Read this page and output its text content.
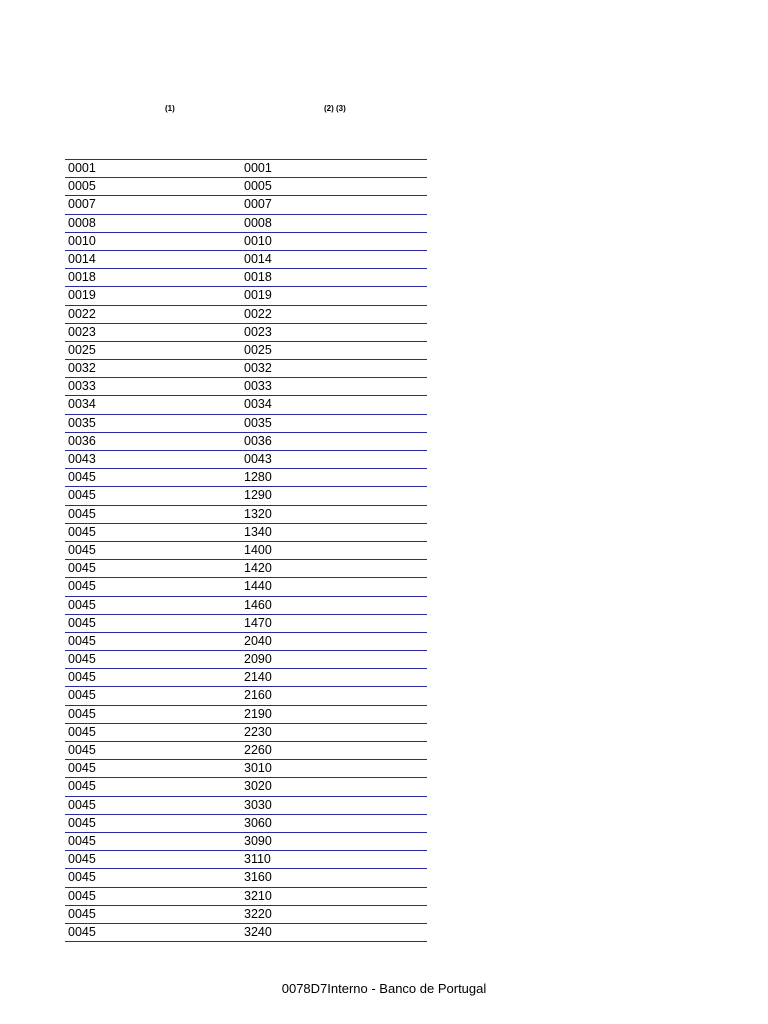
(1)	(2) (3)
0001	0001
0005	0005
0007	0007
0008	0008
0010	0010
0014	0014
0018	0018
0019	0019
0022	0022
0023	0023
0025	0025
0032	0032
0033	0033
0034	0034
0035	0035
0036	0036
0043	0043
0045	1280
0045	1290
0045	1320
0045	1340
0045	1400
0045	1420
0045	1440
0045	1460
0045	1470
0045	2040
0045	2090
0045	2140
0045	2160
0045	2190
0045	2230
0045	2260
0045	3010
0045	3020
0045	3030
0045	3060
0045	3090
0045	3110
0045	3160
0045	3210
0045	3220
0045	3240
0078D7Interno - Banco de Portugal
